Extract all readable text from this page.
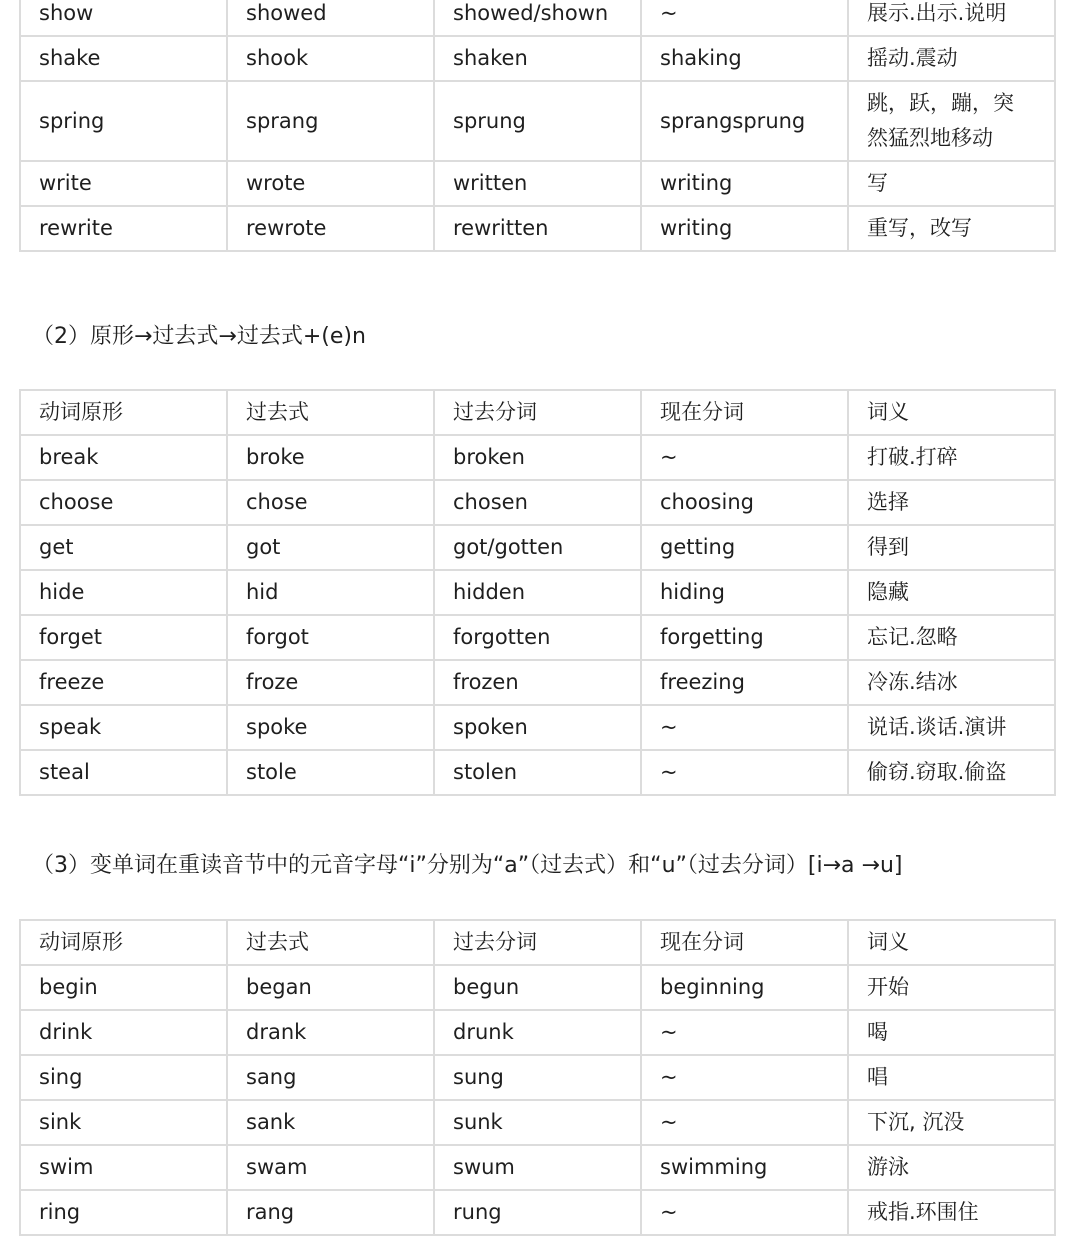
show	showed	showed/shown	~	展示.出示.说明
shake	shook	shaken	shaking	摇动.震动
spring	sprang	sprung	sprangsprung	跳，跃，蹦，突然猛烈地移动
write	wrote	written	writing	写
rewrite	rewrote	rewritten	writing	重写，改写
（2）原形→过去式→过去式+(e)n
动词原形	过去式	过去分词	现在分词	词义
break	broke	broken	~	打破.打碎
choose	chose	chosen	choosing	选择
get	got	got/gotten	getting	得到
hide	hid	hidden	hiding	隐藏
forget	forgot	forgotten	forgetting	忘记.忽略
freeze	froze	frozen	freezing	冷冻.结冰
speak	spoke	spoken	~	说话.谈话.演讲
steal	stole	stolen	~	偷窃.窃取.偷盗
（3）变单词在重读音节中的元音字母“i”分别为“a”（过去式）和“u”（过去分词）[i→a →u]
动词原形	过去式	过去分词	现在分词	词义
begin	began	begun	beginning	开始
drink	drank	drunk	~	喝
sing	sang	sung	~	唱
sink	sank	sunk	~	下沉, 沉没
swim	swam	swum	swimming	游泳
ring	rang	rung	~	戒指.环围住
